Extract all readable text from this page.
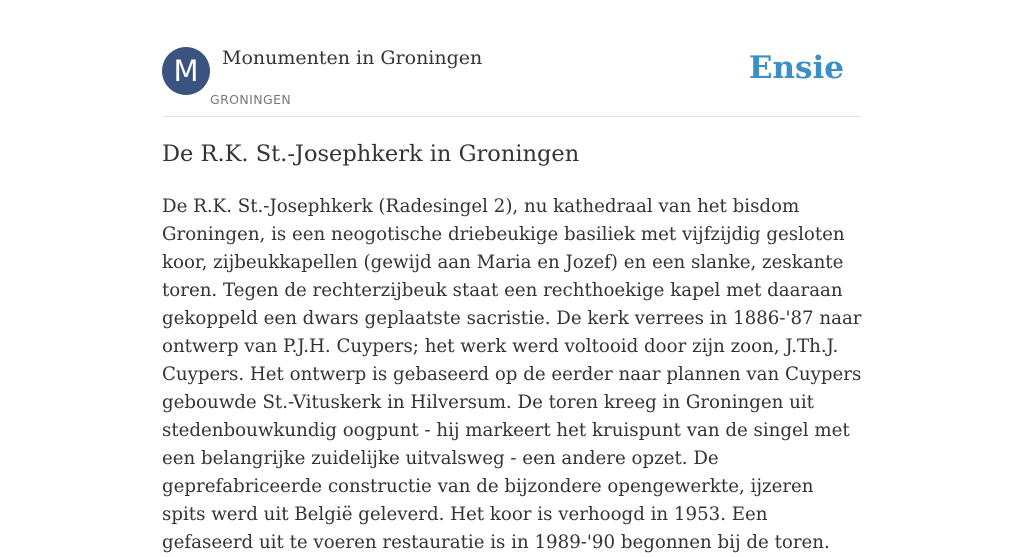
M	Monumenten in Groningen
GRONINGEN
Ensie
De R.K. St.-Josephkerk in Groningen

De R.K. St.-Josephkerk (Radesingel 2), nu kathedraal van het bisdom Groningen, is een neogotische driebeukige basiliek met vijfzijdig gesloten koor, zijbeukkapellen (gewijd aan Maria en Jozef) en een slanke, zeskante toren. Tegen de rechterzijbeuk staat een rechthoekige kapel met daaraan gekoppeld een dwars geplaatste sacristie. De kerk verrees in 1886-'87 naar ontwerp van P.J.H. Cuypers; het werk werd voltooid door zijn zoon, J.Th.J. Cuypers. Het ontwerp is gebaseerd op de eerder naar plannen van Cuypers gebouwde St.-Vituskerk in Hilversum. De toren kreeg in Groningen uit stedenbouwkundig oogpunt - hij markeert het kruispunt van de singel met een belangrijke zuidelijke uitvalsweg - een andere opzet. De geprefabriceerde constructie van de bijzondere opengewerkte, ijzeren spits werd uit België geleverd. Het koor is verhoogd in 1953. Een gefaseerd uit te voeren restauratie is in 1989-'90 begonnen bij de toren.
